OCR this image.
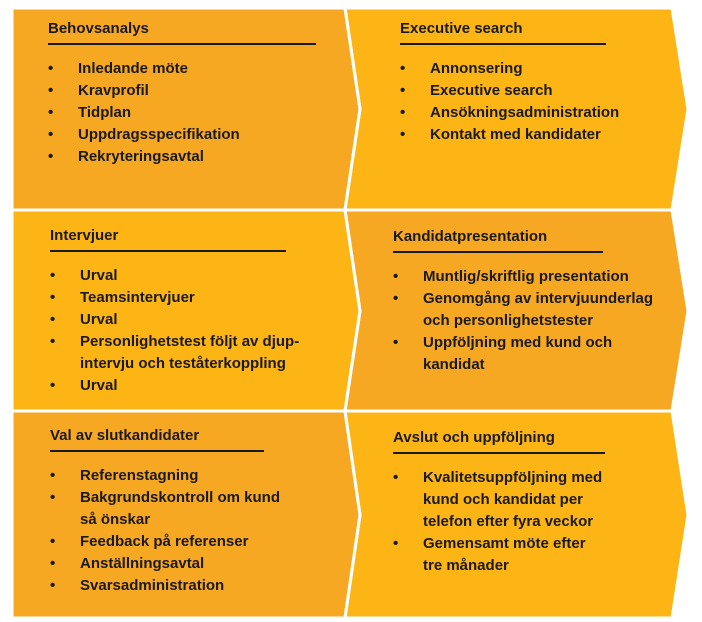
Behovsanalys
• Inledande möte
• Kravprofil
• Tidplan
• Uppdragsspecifikation
• Rekryteringsavtal
Executive search
• Annonsering
• Executive search
• Ansökningsadministration
• Kontakt med kandidater
Intervjuer
• Urval
• Teamsintervjuer
• Urval
• Personlighetstest följt av djup-intervju och teståterkoppling
• Urval
Kandidatpresentation
• Muntlig/skriftlig presentation
• Genomgång av intervjuunderlag och personlighetstester
• Uppföljning med kund och kandidat
Val av slutkandidater
• Referenstagning
• Bakgrundskontroll om kund så önskar
• Feedback på referenser
• Anställningsavtal
• Svarsadministration
Avslut och uppföljning
• Kvalitetsuppföljning med kund och kandidat per telefon efter fyra veckor
• Gemensamt möte efter tre månader
